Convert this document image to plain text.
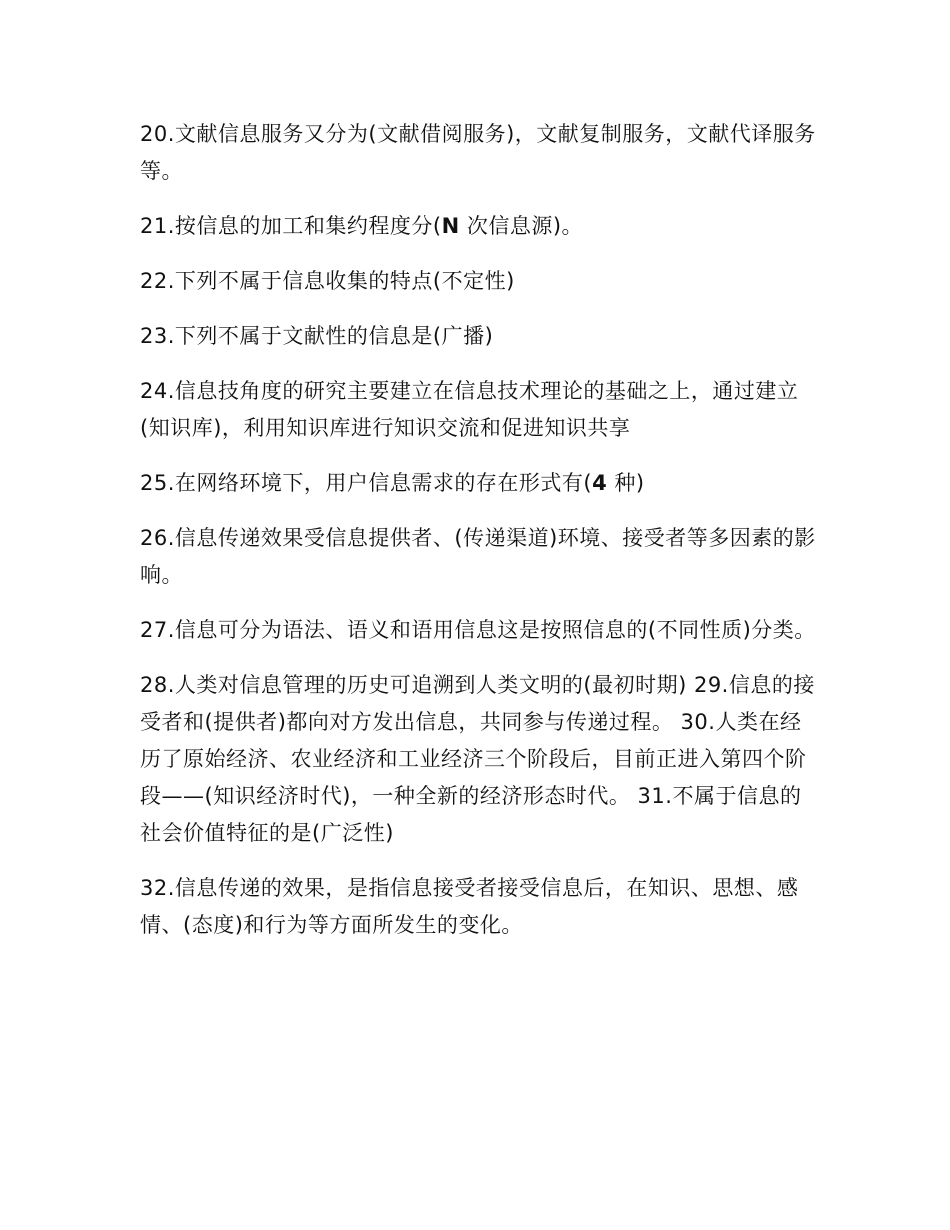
20.文献信息服务又分为(文献借阅服务)，文献复制服务，文献代译服务等。

21.按信息的加工和集约程度分(N 次信息源)。

22.下列不属于信息收集的特点(不定性)

23.下列不属于文献性的信息是(广播)

24.信息技角度的研究主要建立在信息技术理论的基础之上，通过建立(知识库)，利用知识库进行知识交流和促进知识共享

25.在网络环境下，用户信息需求的存在形式有(4 种)

26.信息传递效果受信息提供者、(传递渠道)环境、接受者等多因素的影响。

27.信息可分为语法、语义和语用信息这是按照信息的(不同性质)分类。

28.人类对信息管理的历史可追溯到人类文明的(最初时期) 29.信息的接受者和(提供者)都向对方发出信息，共同参与传递过程。 30.人类在经历了原始经济、农业经济和工业经济三个阶段后，目前正进入第四个阶段——(知识经济时代)，一种全新的经济形态时代。 31.不属于信息的社会价值特征的是(广泛性)

32.信息传递的效果，是指信息接受者接受信息后，在知识、思想、感情、(态度)和行为等方面所发生的变化。
